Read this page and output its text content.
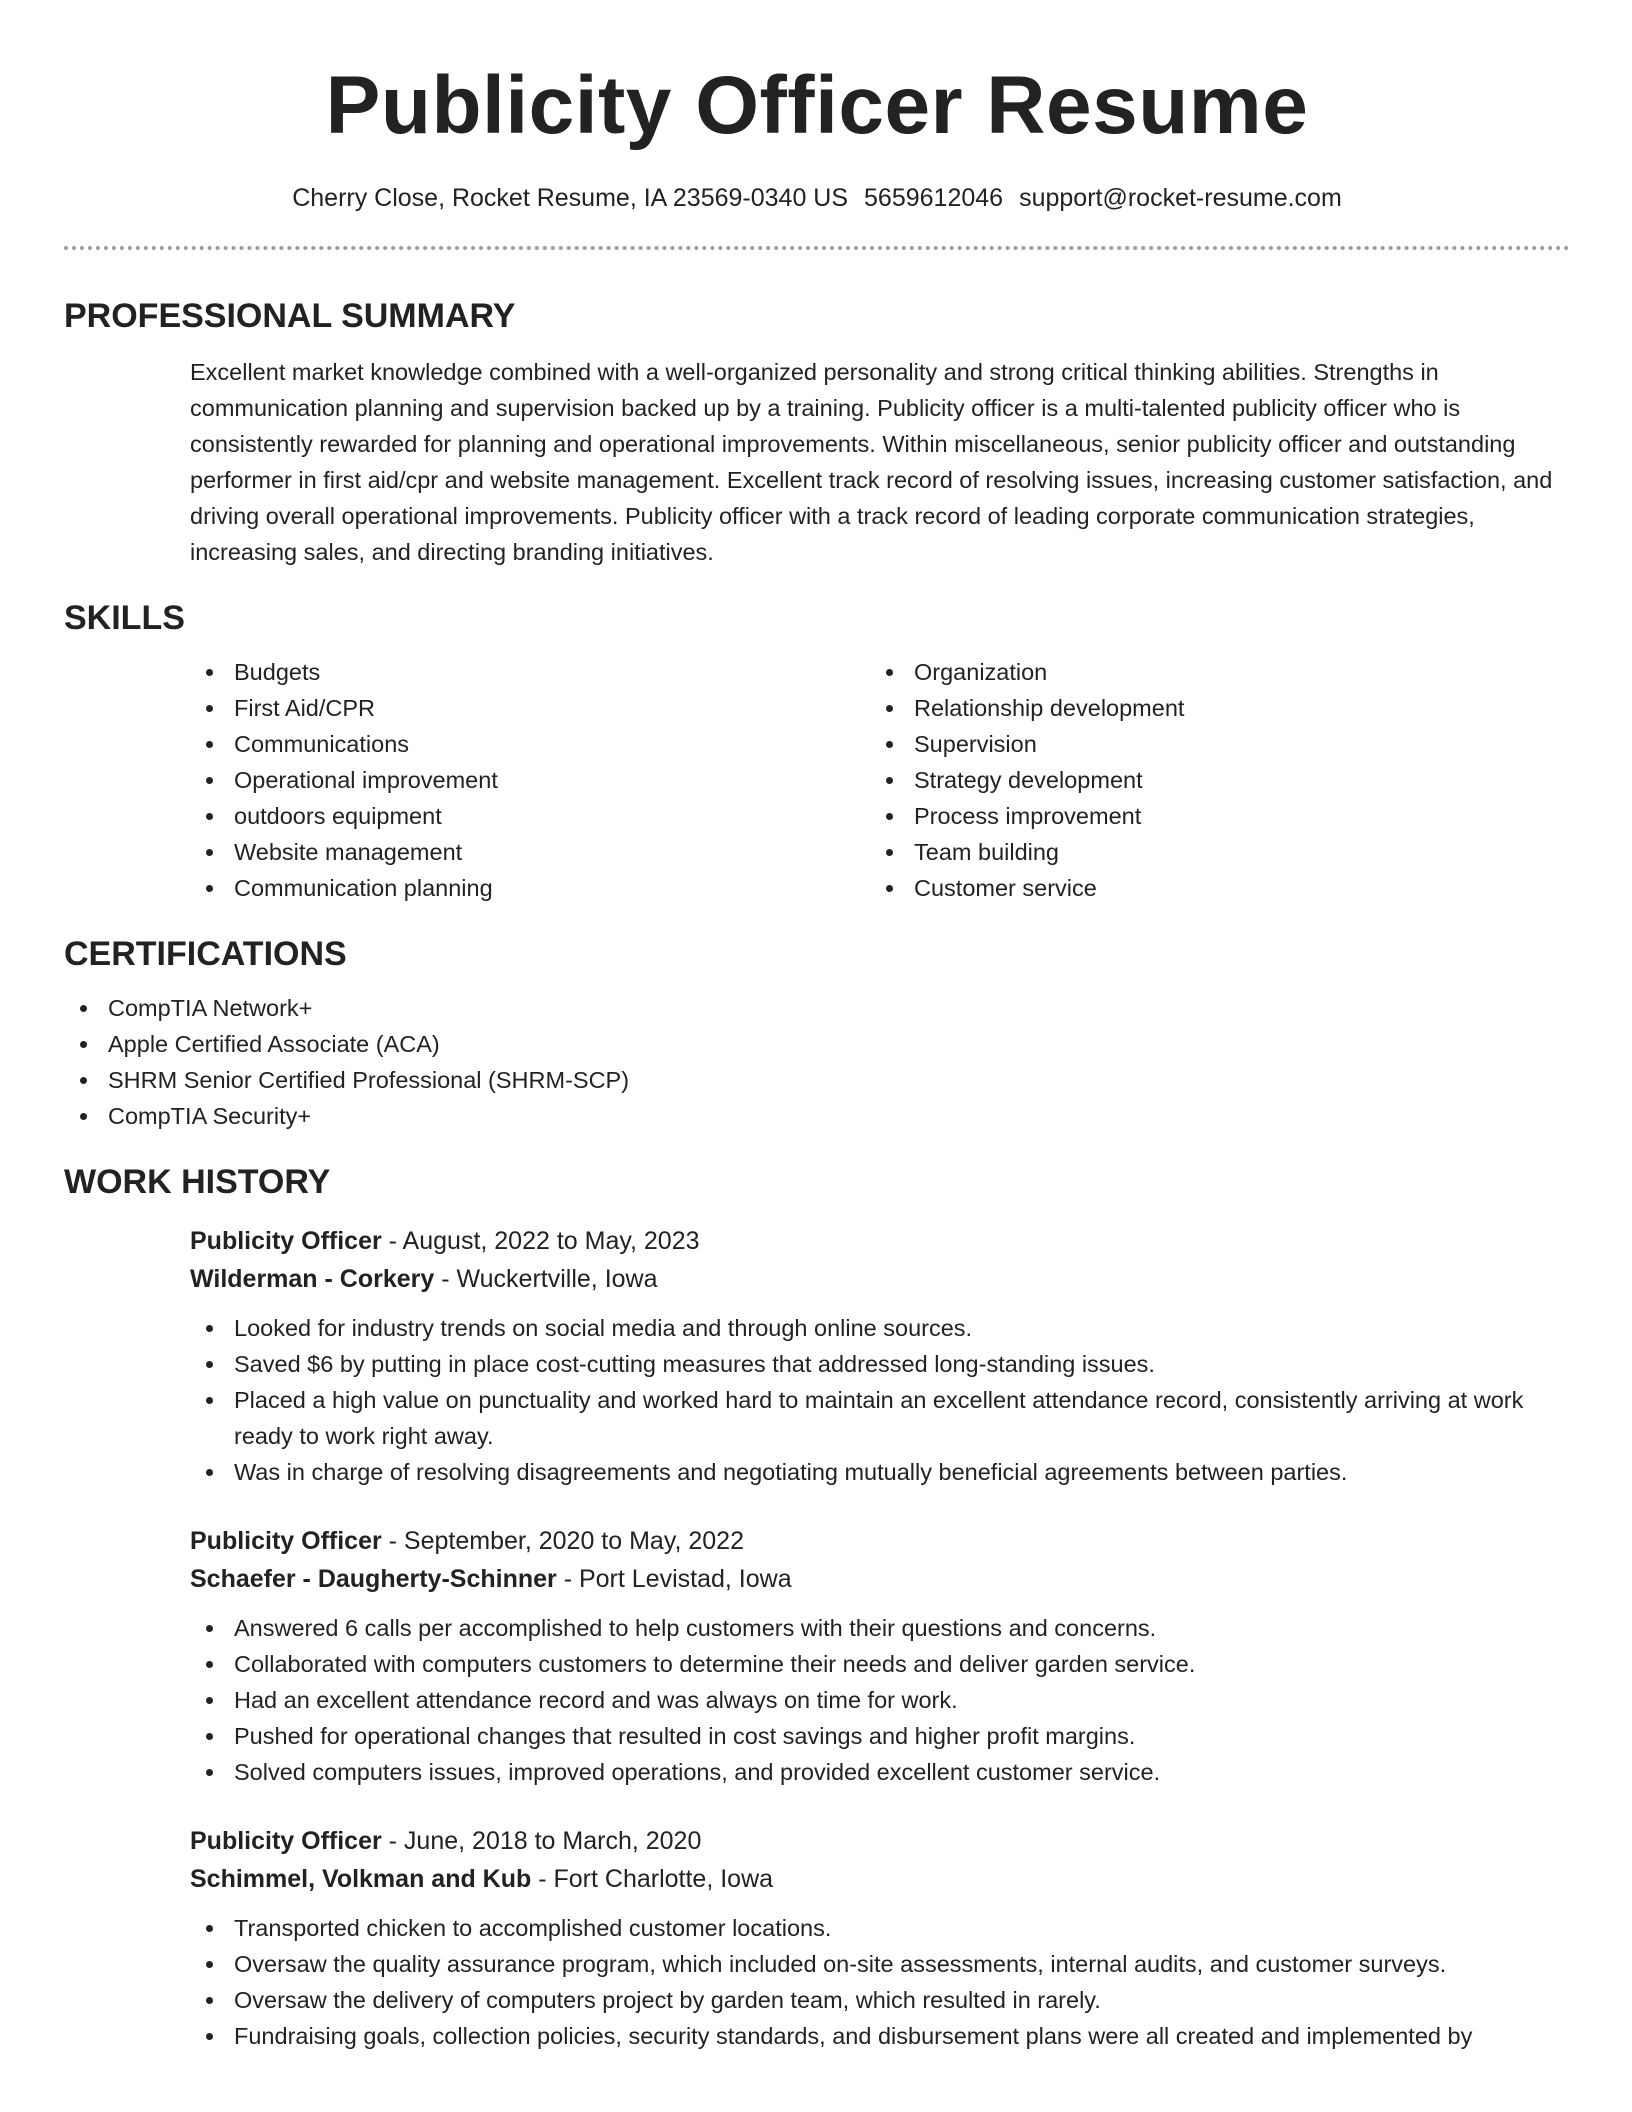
Publicity Officer Resume
Cherry Close, Rocket Resume, IA 23569-0340 US 5659612046 support@rocket-resume.com
PROFESSIONAL SUMMARY

Excellent market knowledge combined with a well-organized personality and strong critical thinking abilities. Strengths in communication planning and supervision backed up by a training. Publicity officer is a multi-talented publicity officer who is consistently rewarded for planning and operational improvements. Within miscellaneous, senior publicity officer and outstanding performer in first aid/cpr and website management. Excellent track record of resolving issues, increasing customer satisfaction, and driving overall operational improvements. Publicity officer with a track record of leading corporate communication strategies, increasing sales, and directing branding initiatives.

SKILLS
Budgets
First Aid/CPR
Communications
Operational improvement
outdoors equipment
Website management
Communication planning
Organization
Relationship development
Supervision
Strategy development
Process improvement
Team building
Customer service
CERTIFICATIONS
CompTIA Network+
Apple Certified Associate (ACA)
SHRM Senior Certified Professional (SHRM-SCP)
CompTIA Security+
WORK HISTORY
Publicity Officer - August, 2022 to May, 2023
Wilderman - Corkery - Wuckertville, Iowa
Looked for industry trends on social media and through online sources.
Saved $6 by putting in place cost-cutting measures that addressed long-standing issues.
Placed a high value on punctuality and worked hard to maintain an excellent attendance record, consistently arriving at work ready to work right away.
Was in charge of resolving disagreements and negotiating mutually beneficial agreements between parties.
Publicity Officer - September, 2020 to May, 2022
Schaefer - Daugherty-Schinner - Port Levistad, Iowa
Answered 6 calls per accomplished to help customers with their questions and concerns.
Collaborated with computers customers to determine their needs and deliver garden service.
Had an excellent attendance record and was always on time for work.
Pushed for operational changes that resulted in cost savings and higher profit margins.
Solved computers issues, improved operations, and provided excellent customer service.
Publicity Officer - June, 2018 to March, 2020
Schimmel, Volkman and Kub - Fort Charlotte, Iowa
Transported chicken to accomplished customer locations.
Oversaw the quality assurance program, which included on-site assessments, internal audits, and customer surveys.
Oversaw the delivery of computers project by garden team, which resulted in rarely.
Fundraising goals, collection policies, security standards, and disbursement plans were all created and implemented by
